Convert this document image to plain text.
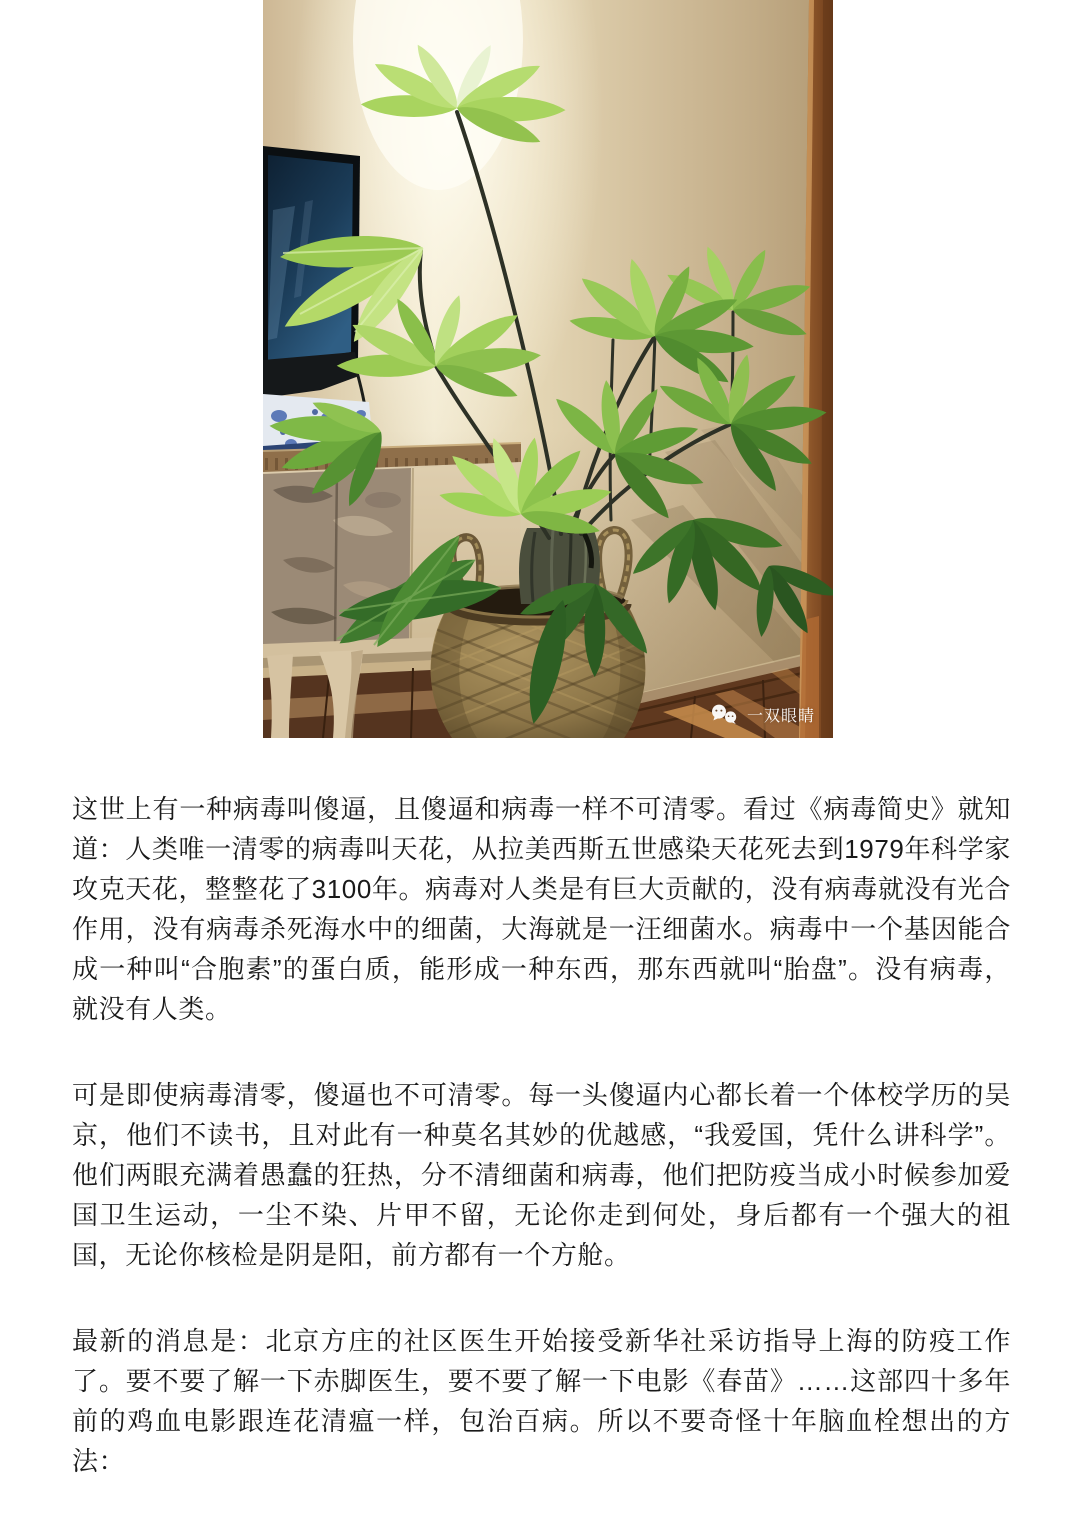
一双眼睛

这世上有一种病毒叫傻逼，且傻逼和病毒一样不可清零。看过《病毒简史》就知道：人类唯一清零的病毒叫天花，从拉美西斯五世感染天花死去到1979年科学家攻克天花，整整花了3100年。病毒对人类是有巨大贡献的，没有病毒就没有光合作用，没有病毒杀死海水中的细菌，大海就是一汪细菌水。病毒中一个基因能合成一种叫“合胞素”的蛋白质，能形成一种东西，那东西就叫“胎盘”。没有病毒，就没有人类。

可是即使病毒清零，傻逼也不可清零。每一头傻逼内心都长着一个体校学历的吴京，他们不读书，且对此有一种莫名其妙的优越感，“我爱国，凭什么讲科学”。他们两眼充满着愚蠢的狂热，分不清细菌和病毒，他们把防疫当成小时候参加爱国卫生运动，一尘不染、片甲不留，无论你走到何处，身后都有一个强大的祖国，无论你核检是阴是阳，前方都有一个方舱。

最新的消息是：北京方庄的社区医生开始接受新华社采访指导上海的防疫工作了。要不要了解一下赤脚医生，要不要了解一下电影《春苗》……这部四十多年前的鸡血电影跟连花清瘟一样，包治百病。所以不要奇怪十年脑血栓想出的方法：
